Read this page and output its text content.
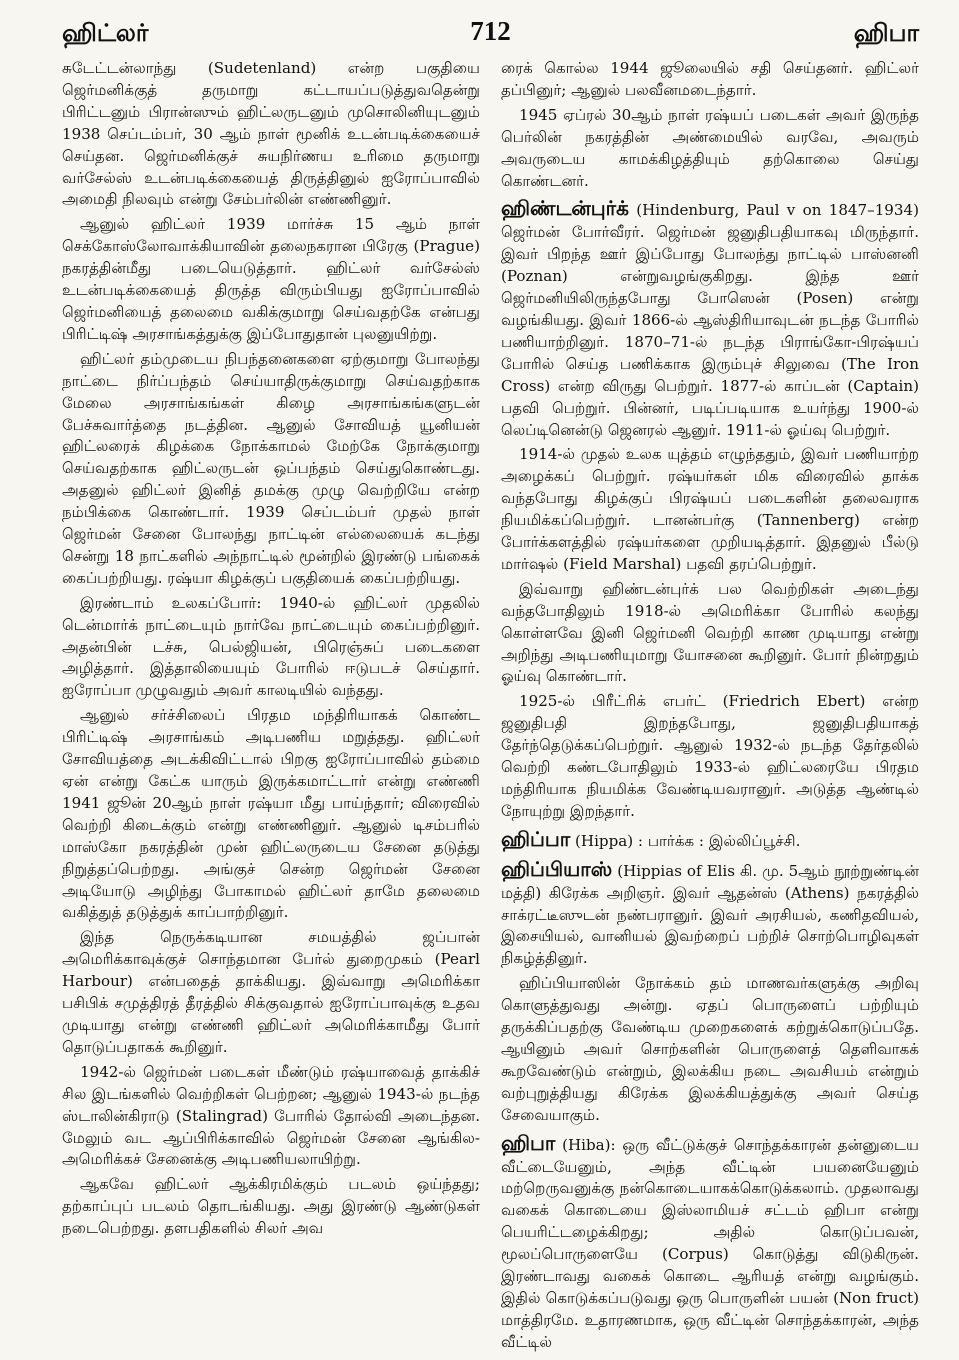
ஹிட்லர்	712	ஹிபா

சுடேட்டன்லாந்து (Sudetenland) என்ற பகுதியை ஜெர்மனிக்குத் தருமாறு கட்டாயப்படுத்துவதென்று பிரிட்டனும் பிரான்ஸும் ஹிட்லருடனும் முசொலினியுடனும் 1938 செப்டம்பர், 30 ஆம் நாள் மூனிக் உடன்படிக்கையைச் செய்தன. ஜெர்மனிக்குச் சுயநிர்ணய உரிமை தருமாறு வர்சேல்ஸ் உடன்படிக்கையைத் திருத்தினுல் ஐரோப்பாவில் அமைதி நிலவும் என்று சேம்பர்லின் எண்ணினுர்.

ஆனுல் ஹிட்லர் 1939 மார்ச்சு 15 ஆம் நாள் செக்கோஸ்லோவாக்கியாவின் தலைநகரான பிரேகு (Prague) நகரத்தின்மீது படையெடுத்தார். ஹிட்லர் வர்சேல்ஸ் உடன்படிக்கையைத் திருத்த விரும்பியது ஐரோப்பாவில் ஜெர்மனியைத் தலைமை வகிக்குமாறு செய்வதற்கே என்பது பிரிட்டிஷ் அரசாங்கத்துக்கு இப்போதுதான் புலனுயிற்று.

ஹிட்லர் தம்முடைய நிபந்தனைகளை ஏற்குமாறு போலந்து நாட்டை நிர்ப்பந்தம் செய்யாதிருக்குமாறு செய்வதற்காக மேலை அரசாங்கங்கள் கிழை அரசாங்கங்களுடன் பேச்சுவார்த்தை நடத்தின. ஆனுல் சோவியத் யூனியன் ஹிட்லரைக் கிழக்கை நோக்காமல் மேற்கே நோக்குமாறு செய்வதற்காக ஹிட்லருடன் ஒப்பந்தம் செய்துகொண்டது. அதனுல் ஹிட்லர் இனித் தமக்கு முழு வெற்றியே என்ற நம்பிக்கை கொண்டார். 1939 செப்டம்பர் முதல் நாள் ஜெர்மன் சேனை போலந்து நாட்டின் எல்லையைக் கடந்து சென்று 18 நாட்களில் அந்நாட்டில் மூன்றில் இரண்டு பங்கைக் கைப்பற்றியது. ரஷ்யா கிழக்குப் பகுதியைக் கைப்பற்றியது.

இரண்டாம் உலகப்போர்: 1940-ல் ஹிட்லர் முதலில் டென்மார்க் நாட்டையும் நார்வே நாட்டையும் கைப்பற்றினுர். அதன்பின் டச்சு, பெல்ஜியன், பிரெஞ்சுப் படைகளை அழித்தார். இத்தாலியையும் போரில் ஈடுபடச் செய்தார். ஐரோப்பா முழுவதும் அவர் காலடியில் வந்தது.

ஆனுல் சர்ச்சிலைப் பிரதம மந்திரியாகக் கொண்ட பிரிட்டிஷ் அரசாங்கம் அடிபணிய மறுத்தது. ஹிட்லர் சோவியத்தை அடக்கிவிட்டால் பிறகு ஐரோப்பாவில் தம்மை ஏன் என்று கேட்க யாரும் இருக்கமாட்டார் என்று எண்ணி 1941 ஜூன் 20ஆம் நாள் ரஷ்யா மீது பாய்ந்தார்; விரைவில் வெற்றி கிடைக்கும் என்று எண்ணினுர். ஆனுல் டிசம்பரில் மாஸ்கோ நகரத்தின் முன் ஹிட்லருடைய சேனை தடுத்து நிறுத்தப்பெற்றது. அங்குச் சென்ற ஜெர்மன் சேனை அடியோடு அழிந்து போகாமல் ஹிட்லர் தாமே தலைமை வகித்துத் தடுத்துக் காப்பாற்றினுர்.

இந்த நெருக்கடியான சமயத்தில் ஜப்பான் அமெரிக்காவுக்குச் சொந்தமான பேர்ல் துறைமுகம் (Pearl Harbour) என்பதைத் தாக்கியது. இவ்வாறு அமெரிக்கா பசிபிக் சமுத்திரத் தீரத்தில் சிக்குவதால் ஐரோப்பாவுக்கு உதவ முடியாது என்று எண்ணி ஹிட்லர் அமெரிக்காமீது போர் தொடுப்பதாகக் கூறினுர்.

1942-ல் ஜெர்மன் படைகள் மீண்டும் ரஷ்யாவைத் தாக்கிச் சில இடங்களில் வெற்றிகள் பெற்றன; ஆனுல் 1943-ல் நடந்த ஸ்டாலின்கிராடு (Stalingrad) போரில் தோல்வி அடைந்தன. மேலும் வட ஆப்பிரிக்காவில் ஜெர்மன் சேனை ஆங்கில-அமெரிக்கச் சேனைக்கு அடிபணியலாயிற்று.

ஆகவே ஹிட்லர் ஆக்கிரமிக்கும் படலம் ஒய்ந்தது; தற்காப்புப் படலம் தொடங்கியது. அது இரண்டு ஆண்டுகள் நடைபெற்றது. தளபதிகளில் சிலர் அவ

ரைக் கொல்ல 1944 ஜூலையில் சதி செய்தனர். ஹிட்லர் தப்பினுர்; ஆனுல் பலவீனமடைந்தார்.

1945 ஏப்ரல் 30ஆம் நாள் ரஷ்யப் படைகள் அவர் இருந்த பெர்லின் நகரத்தின் அண்மையில் வரவே, அவரும் அவருடைய காமக்கிழத்தியும் தற்கொலை செய்து கொண்டனர்.

ஹிண்டன்புர்க் (Hindenburg, Paul v on 1847–1934) ஜெர்மன் போர்வீரர். ஜெர்மன் ஜனுதிபதியாகவு மிருந்தார். இவர் பிறந்த ஊர் இப்போது போலந்து நாட்டில் பாஸ்னனி (Poznan) என்றுவழங்குகிறது. இந்த ஊர் ஜெர்மனியிலிருந்தபோது போஸென் (Posen) என்று வழங்கியது. இவர் 1866-ல் ஆஸ்திரியாவுடன் நடந்த போரில் பணியாற்றினுர். 1870–71-ல் நடந்த பிராங்கோ-பிரஷ்யப் போரில் செய்த பணிக்காக இரும்புச் சிலுவை (The Iron Cross) என்ற விருது பெற்றுர். 1877-ல் காப்டன் (Captain) பதவி பெற்றுர். பின்னர், படிப்படியாக உயர்ந்து 1900-ல் லெப்டினென்டு ஜெனரல் ஆனுர். 1911-ல் ஓய்வு பெற்றுர்.

1914-ல் முதல் உலக யுத்தம் எழுந்ததும், இவர் பணியாற்ற அழைக்கப் பெற்றுர். ரஷ்யர்கள் மிக விரைவில் தாக்க வந்தபோது கிழக்குப் பிரஷ்யப் படைகளின் தலைவராக நியமிக்கப்பெற்றுர். டானன்பர்கு (Tannenberg) என்ற போர்க்களத்தில் ரஷ்யர்களை முறியடித்தார். இதனுல் பீல்டு மார்ஷல் (Field Marshal) பதவி தரப்பெற்றுர்.

இவ்வாறு ஹிண்டன்புர்க் பல வெற்றிகள் அடைந்து வந்தபோதிலும் 1918-ல் அமெரிக்கா போரில் கலந்து கொள்ளவே இனி ஜெர்மனி வெற்றி காண முடியாது என்று அறிந்து அடிபணியுமாறு யோசனை கூறினுர். போர் நின்றதும் ஓய்வு கொண்டார்.

1925-ல் பிரீட்ரிக் எபர்ட் (Friedrich Ebert) என்ற ஜனுதிபதி இறந்தபோது, ஜனுதிபதியாகத் தேர்ந்தெடுக்கப்பெற்றுர். ஆனுல் 1932-ல் நடந்த தேர்தலில் வெற்றி கண்டபோதிலும் 1933-ல் ஹிட்லரையே பிரதம மந்திரியாக நியமிக்க வேண்டியவரானுர். அடுத்த ஆண்டில் நோயுற்று இறந்தார்.

ஹிப்பா (Hippa) : பார்க்க : இல்லிப்பூச்சி.
ஹிப்பியாஸ் (Hippias of Elis கி. மு. 5ஆம் நூற்றுண்டின் மத்தி) கிரேக்க அறிஞர். இவர் ஆதன்ஸ் (Athens) நகரத்தில் சாக்ரட்டீஸுடன் நண்பரானுர். இவர் அரசியல், கணிதவியல், இசையியல், வானியல் இவற்றைப் பற்றிச் சொற்பொழிவுகள் நிகழ்த்தினுர்.

ஹிப்பியாஸின் நோக்கம் தம் மாணவர்களுக்கு அறிவு கொளுத்துவது அன்று. ஏதப் பொருளைப் பற்றியும் தருக்கிப்பதற்கு வேண்டிய முறைகளைக் கற்றுக்கொடுப்பதே. ஆயினும் அவர் சொற்களின் பொருளைத் தெளிவாகக் கூறவேண்டும் என்றும், இலக்கிய நடை அவசியம் என்றும் வற்புறுத்தியது கிரேக்க இலக்கியத்துக்கு அவர் செய்த சேவையாகும்.

ஹிபா (Hiba): ஒரு வீட்டுக்குச் சொந்தக்காரன் தன்னுடைய வீட்டையேனும், அந்த வீட்டின் பயனையேனும் மற்றெருவனுக்கு நன்கொடையாகக்கொடுக்கலாம். முதலாவது வகைக் கொடையை இஸ்லாமியச் சட்டம் ஹிபா என்று பெயரிட்டழைக்கிறது; அதில் கொடுப்பவன், மூலப்பொருளையே (Corpus) கொடுத்து விடுகிருன். இரண்டாவது வகைக் கொடை ஆரியத் என்று வழங்கும். இதில் கொடுக்கப்படுவது ஒரு பொருளின் பயன் (Non fruct) மாத்திரமே. உதாரணமாக, ஒரு வீட்டின் சொந்தக்காரன், அந்த வீட்டில்
